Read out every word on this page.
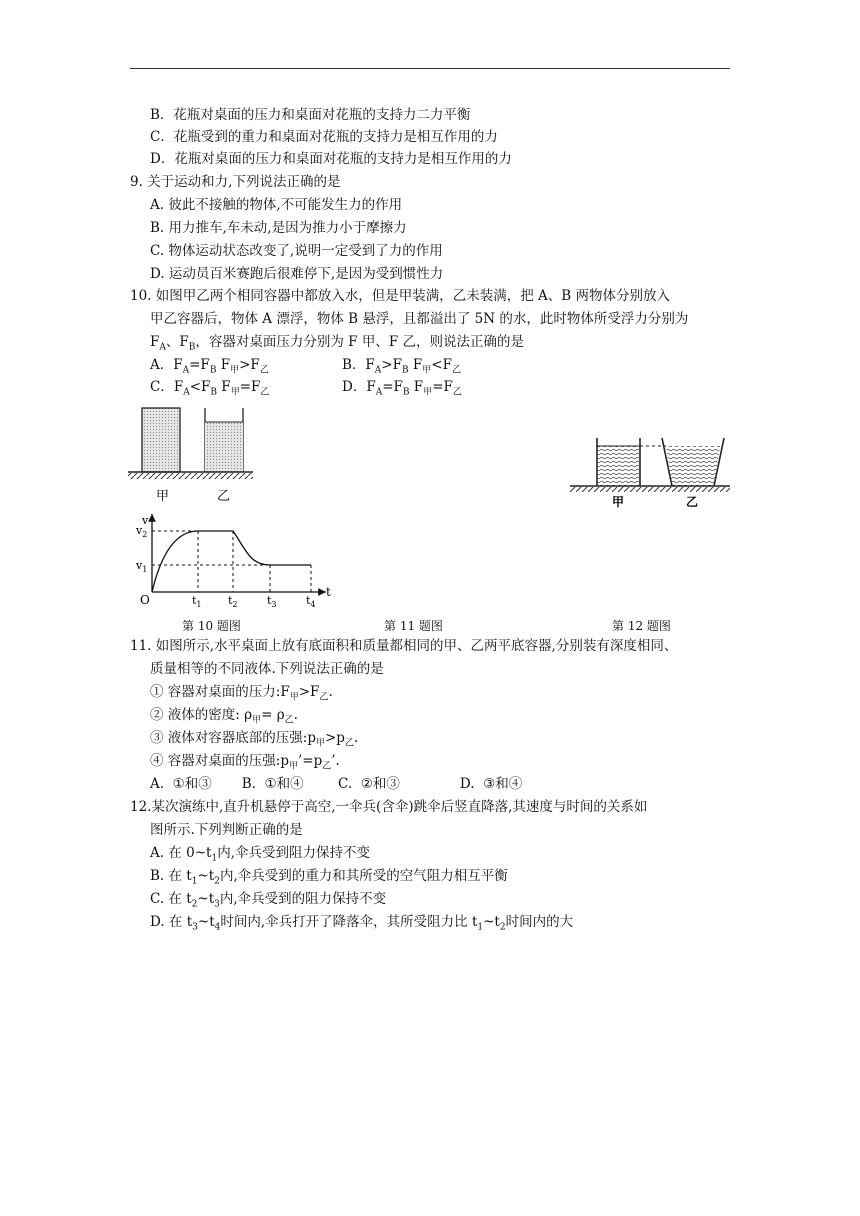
B．花瓶对桌面的压力和桌面对花瓶的支持力二力平衡
C．花瓶受到的重力和桌面对花瓶的支持力是相互作用的力
D．花瓶对桌面的压力和桌面对花瓶的支持力是相互作用的力
9. 关于运动和力,下列说法正确的是
A. 彼此不接触的物体,不可能发生力的作用
B. 用力推车,车未动,是因为推力小于摩擦力
C. 物体运动状态改变了,说明一定受到了力的作用
D. 运动员百米赛跑后很难停下,是因为受到惯性力
10. 如图甲乙两个相同容器中都放入水，但是甲装满，乙未装满，把 A、B 两物体分别放入
甲乙容器后，物体 A 漂浮，物体 B 悬浮，且都溢出了 5N 的水，此时物体所受浮力分别为
$F_A$、$F_B$，容器对桌面压力分别为 F 甲、F 乙，则说法正确的是
A．$F_A=F_B$ $F_甲>F_乙$	B．$F_A>F_B$ $F_甲<F_乙$
C．$F_A<F_B$ $F_甲=F_乙$	D．$F_A=F_B$ $F_甲=F_乙$
甲	乙
v
t
O
$v_2$
$v_1$
$t_1$ $t_2$	$t_3$	$t_4$
甲	乙
第 10 题图	第 11 题图	第 12 题图
11. 如图所示,水平桌面上放有底面积和质量都相同的甲、乙两平底容器,分别装有深度相同、
质量相等的不同液体.下列说法正确的是
① 容器对桌面的压力$:F_甲>F_乙$.
② 液体的密度: $\rho_甲= \rho_乙$.
③ 液体对容器底部的压强$:p_甲>p_乙$.
④ 容器对桌面的压强$:p_甲’=p_乙$’.
A.  ①和③       B.  ①和④        C.  ②和③              D.  ③和④
12.某次演练中,直升机悬停于高空,一伞兵(含伞)跳伞后竖直降落,其速度与时间的关系如
图所示.下列判断正确的是
A. 在 $0\sim t_1$内,伞兵受到阻力保持不变
B. 在 $t_1\sim t_2$内,伞兵受到的重力和其所受的空气阻力相互平衡
C. 在 $t_2\sim t_3$内,伞兵受到的阻力保持不变
D. 在 $t_3\sim t_4$时间内,伞兵打开了降落伞，其所受阻力比 $t_1\sim t_2$时间内的大
